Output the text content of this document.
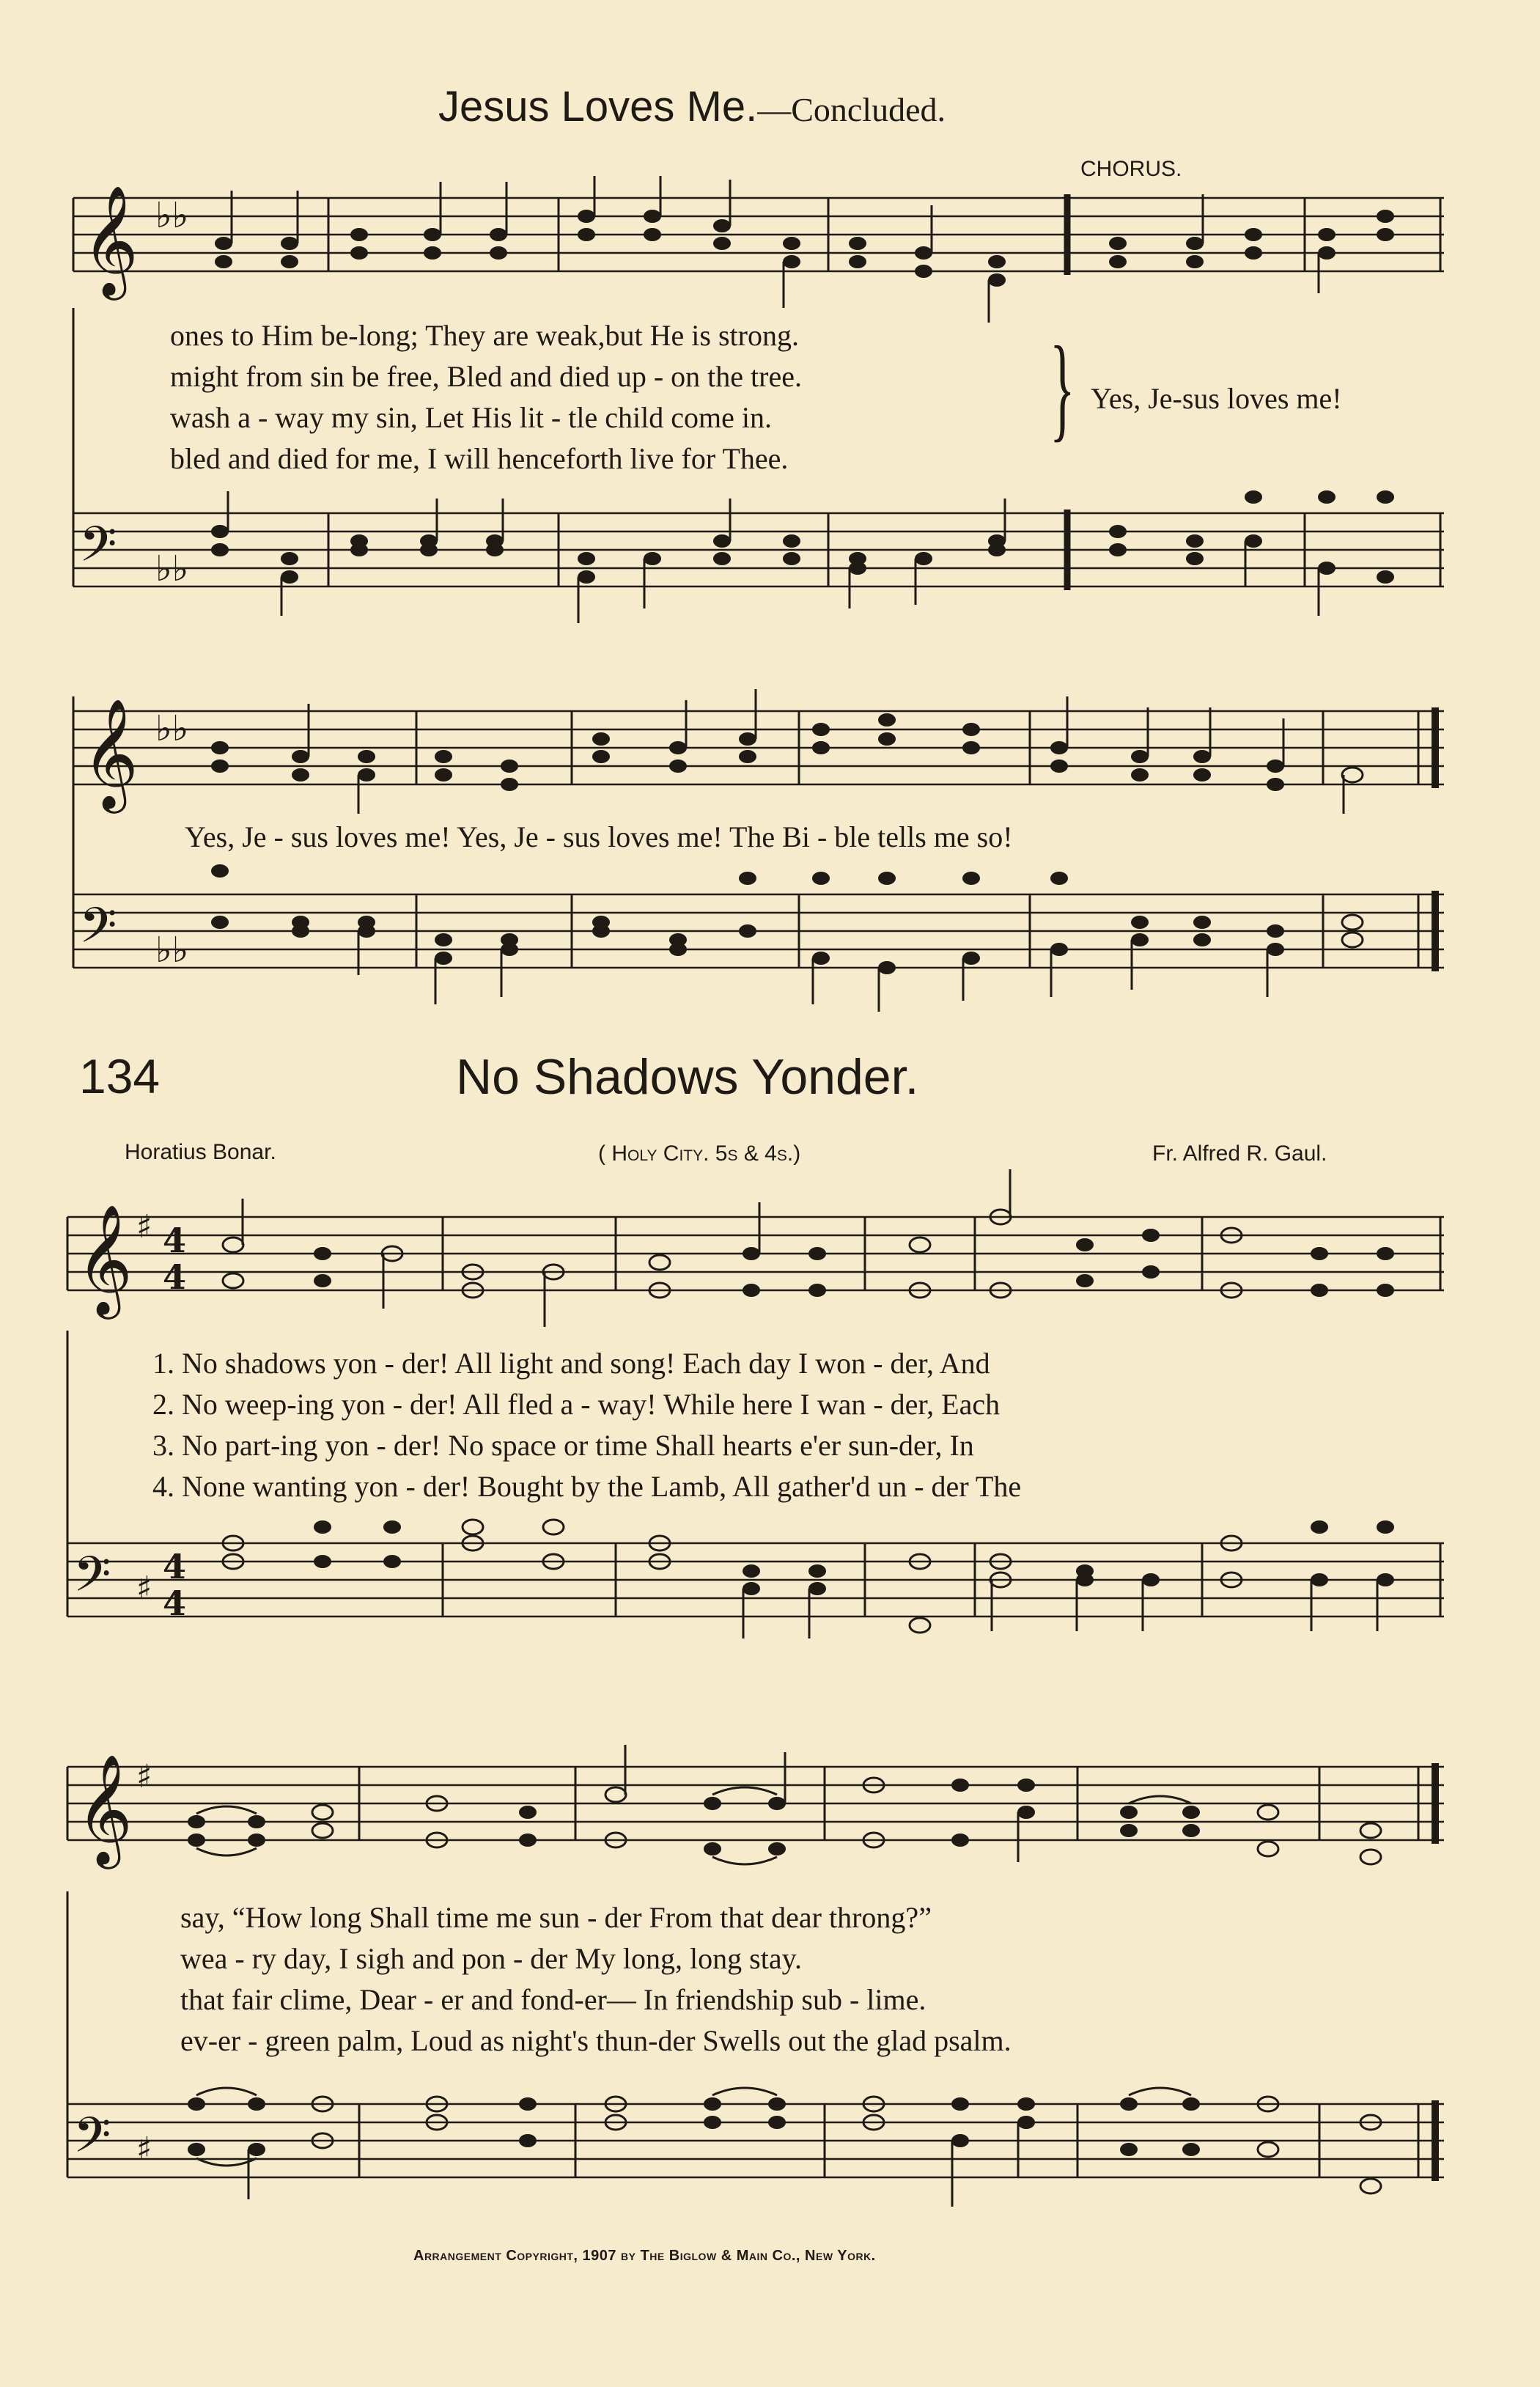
Jesus Loves Me.—Concluded.
CHORUS.
𝄞 ♭♭
ones to Him be-long; They are weak,but He is strong.
might from sin be free, Bled and died up - on the tree.
wash a - way my sin, Let His lit - tle child come in.
bled and died for me, I will henceforth live for Thee.
} Yes, Je-sus loves me!
𝄢 ♭♭
𝄞 ♭♭
Yes, Je - sus loves me! Yes, Je - sus loves me! The Bi - ble tells me so!
𝄢 ♭♭
134	No Shadows Yonder.
Horatius Bonar.	( Holy City. 5s & 4s.)	Fr. Alfred R. Gaul.
𝄞 ♯ 4
4
1. No shadows yon - der! All light and song! Each day I won - der, And
2. No weep-ing yon - der! All fled a - way! While here I wan - der, Each
3. No part-ing yon - der! No space or time Shall hearts e'er sun-der, In
4. None wanting yon - der! Bought by the Lamb, All gather'd un - der The
𝄢 ♯
4
4
𝄞 ♯
say, “How long Shall time me sun - der From that dear throng?”
wea - ry day, I sigh and pon - der My long, long stay.
that fair clime, Dear - er and fond-er— In friendship sub - lime.
ev-er - green palm, Loud as night's thun-der Swells out the glad psalm.
𝄢 ♯
Arrangement Copyright, 1907 by The Biglow & Main Co., New York.
